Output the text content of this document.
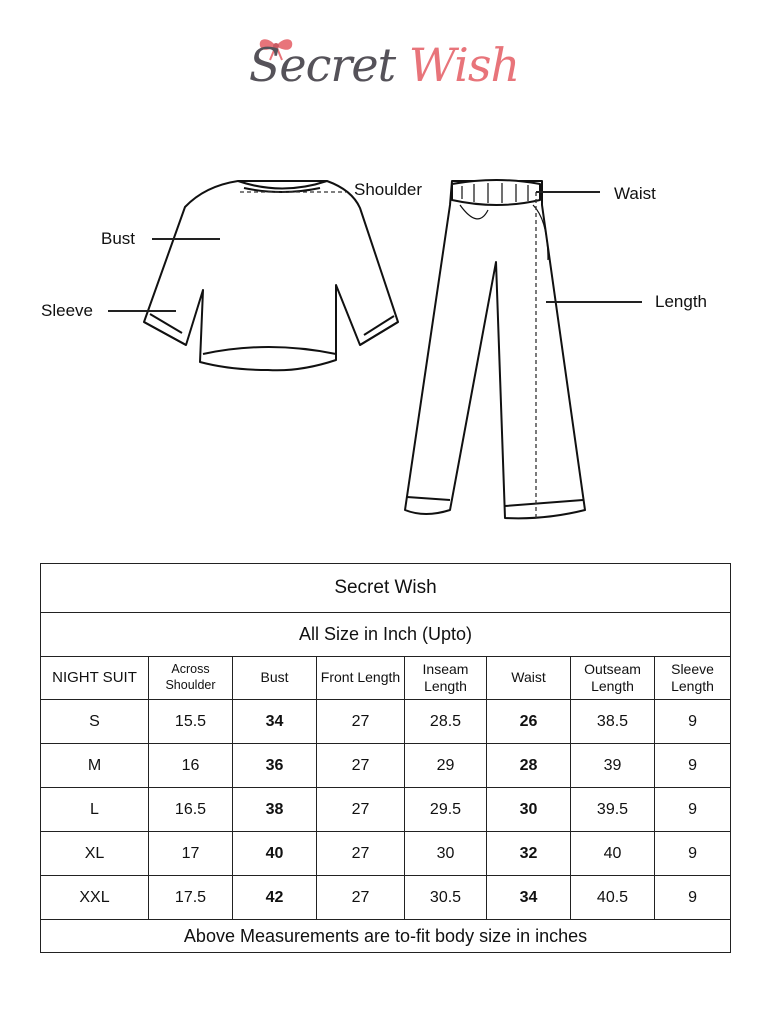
Secret Wish
Shoulder
Bust
Sleeve
Waist
Length
Secret Wish							
All Size in Inch (Upto)							
NIGHT SUIT	Across Shoulder	Bust	Front Length	Inseam Length	Waist	Outseam Length	Sleeve Length
S	15.5	34	27	28.5	26	38.5	9
M	16	36	27	29	28	39	9
L	16.5	38	27	29.5	30	39.5	9
XL	17	40	27	30	32	40	9
XXL	17.5	42	27	30.5	34	40.5	9
Above Measurements are to-fit body size in inches							
